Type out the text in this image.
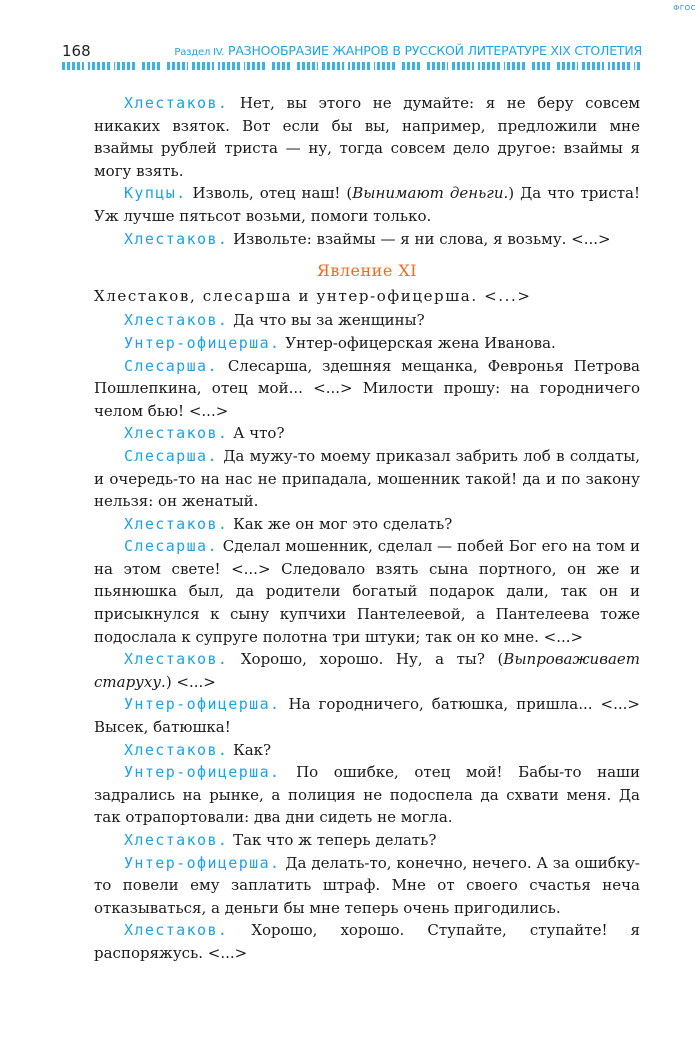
ФГОС
168	Раздел IV. РАЗНООБРАЗИЕ ЖАНРОВ В РУССКОЙ ЛИТЕРАТУРЕ XIX СТОЛЕТИЯ

Хлестаков. Нет, вы этого не думайте: я не беру совсем никаких взяток. Вот если бы вы, например, предложили мне взаймы рублей триста — ну, тогда совсем дело другое: взаймы я могу взять.

Купцы. Изволь, отец наш! (Вынимают деньги.) Да что триста! Уж лучше пятьсот возьми, помоги только.

Хлестаков. Извольте: взаймы — я ни слова, я возьму. <...>

Явление XI

Хлестаков, слесарша и унтер-офицерша. <...>

Хлестаков. Да что вы за женщины?

Унтер-офицерша. Унтер-офицерская жена Иванова.

Слесарша. Слесарша, здешняя мещанка, Февронья Петрова Пошлепкина, отец мой... <...> Милости прошу: на городничего челом бью! <...>

Хлестаков. А что?

Слесарша. Да мужу-то моему приказал забрить лоб в солдаты, и очередь-то на нас не припадала, мошенник такой! да и по закону нельзя: он женатый.

Хлестаков. Как же он мог это сделать?

Слесарша. Сделал мошенник, сделал — побей Бог его на том и на этом свете! <...> Следовало взять сына портного, он же и пьянюшка был, да родители богатый подарок дали, так он и присыкнулся к сыну купчихи Пантелеевой, а Пантелеева тоже подослала к супруге полотна три штуки; так он ко мне. <...>

Хлестаков. Хорошо, хорошо. Ну, а ты? (Выпроваживает старуху.) <...>

Унтер-офицерша. На городничего, батюшка, пришла... <...> Высек, батюшка!

Хлестаков. Как?

Унтер-офицерша. По ошибке, отец мой! Бабы-то наши задрались на рынке, а полиция не подоспела да схвати меня. Да так отрапортовали: два дни сидеть не могла.

Хлестаков. Так что ж теперь делать?

Унтер-офицерша. Да делать-то, конечно, нечего. А за ошибку-то повели ему заплатить штраф. Мне от своего счастья неча отказываться, а деньги бы мне теперь очень пригодились.

Хлестаков. Хорошо, хорошо. Ступайте, ступайте! я распоряжусь. <...>
